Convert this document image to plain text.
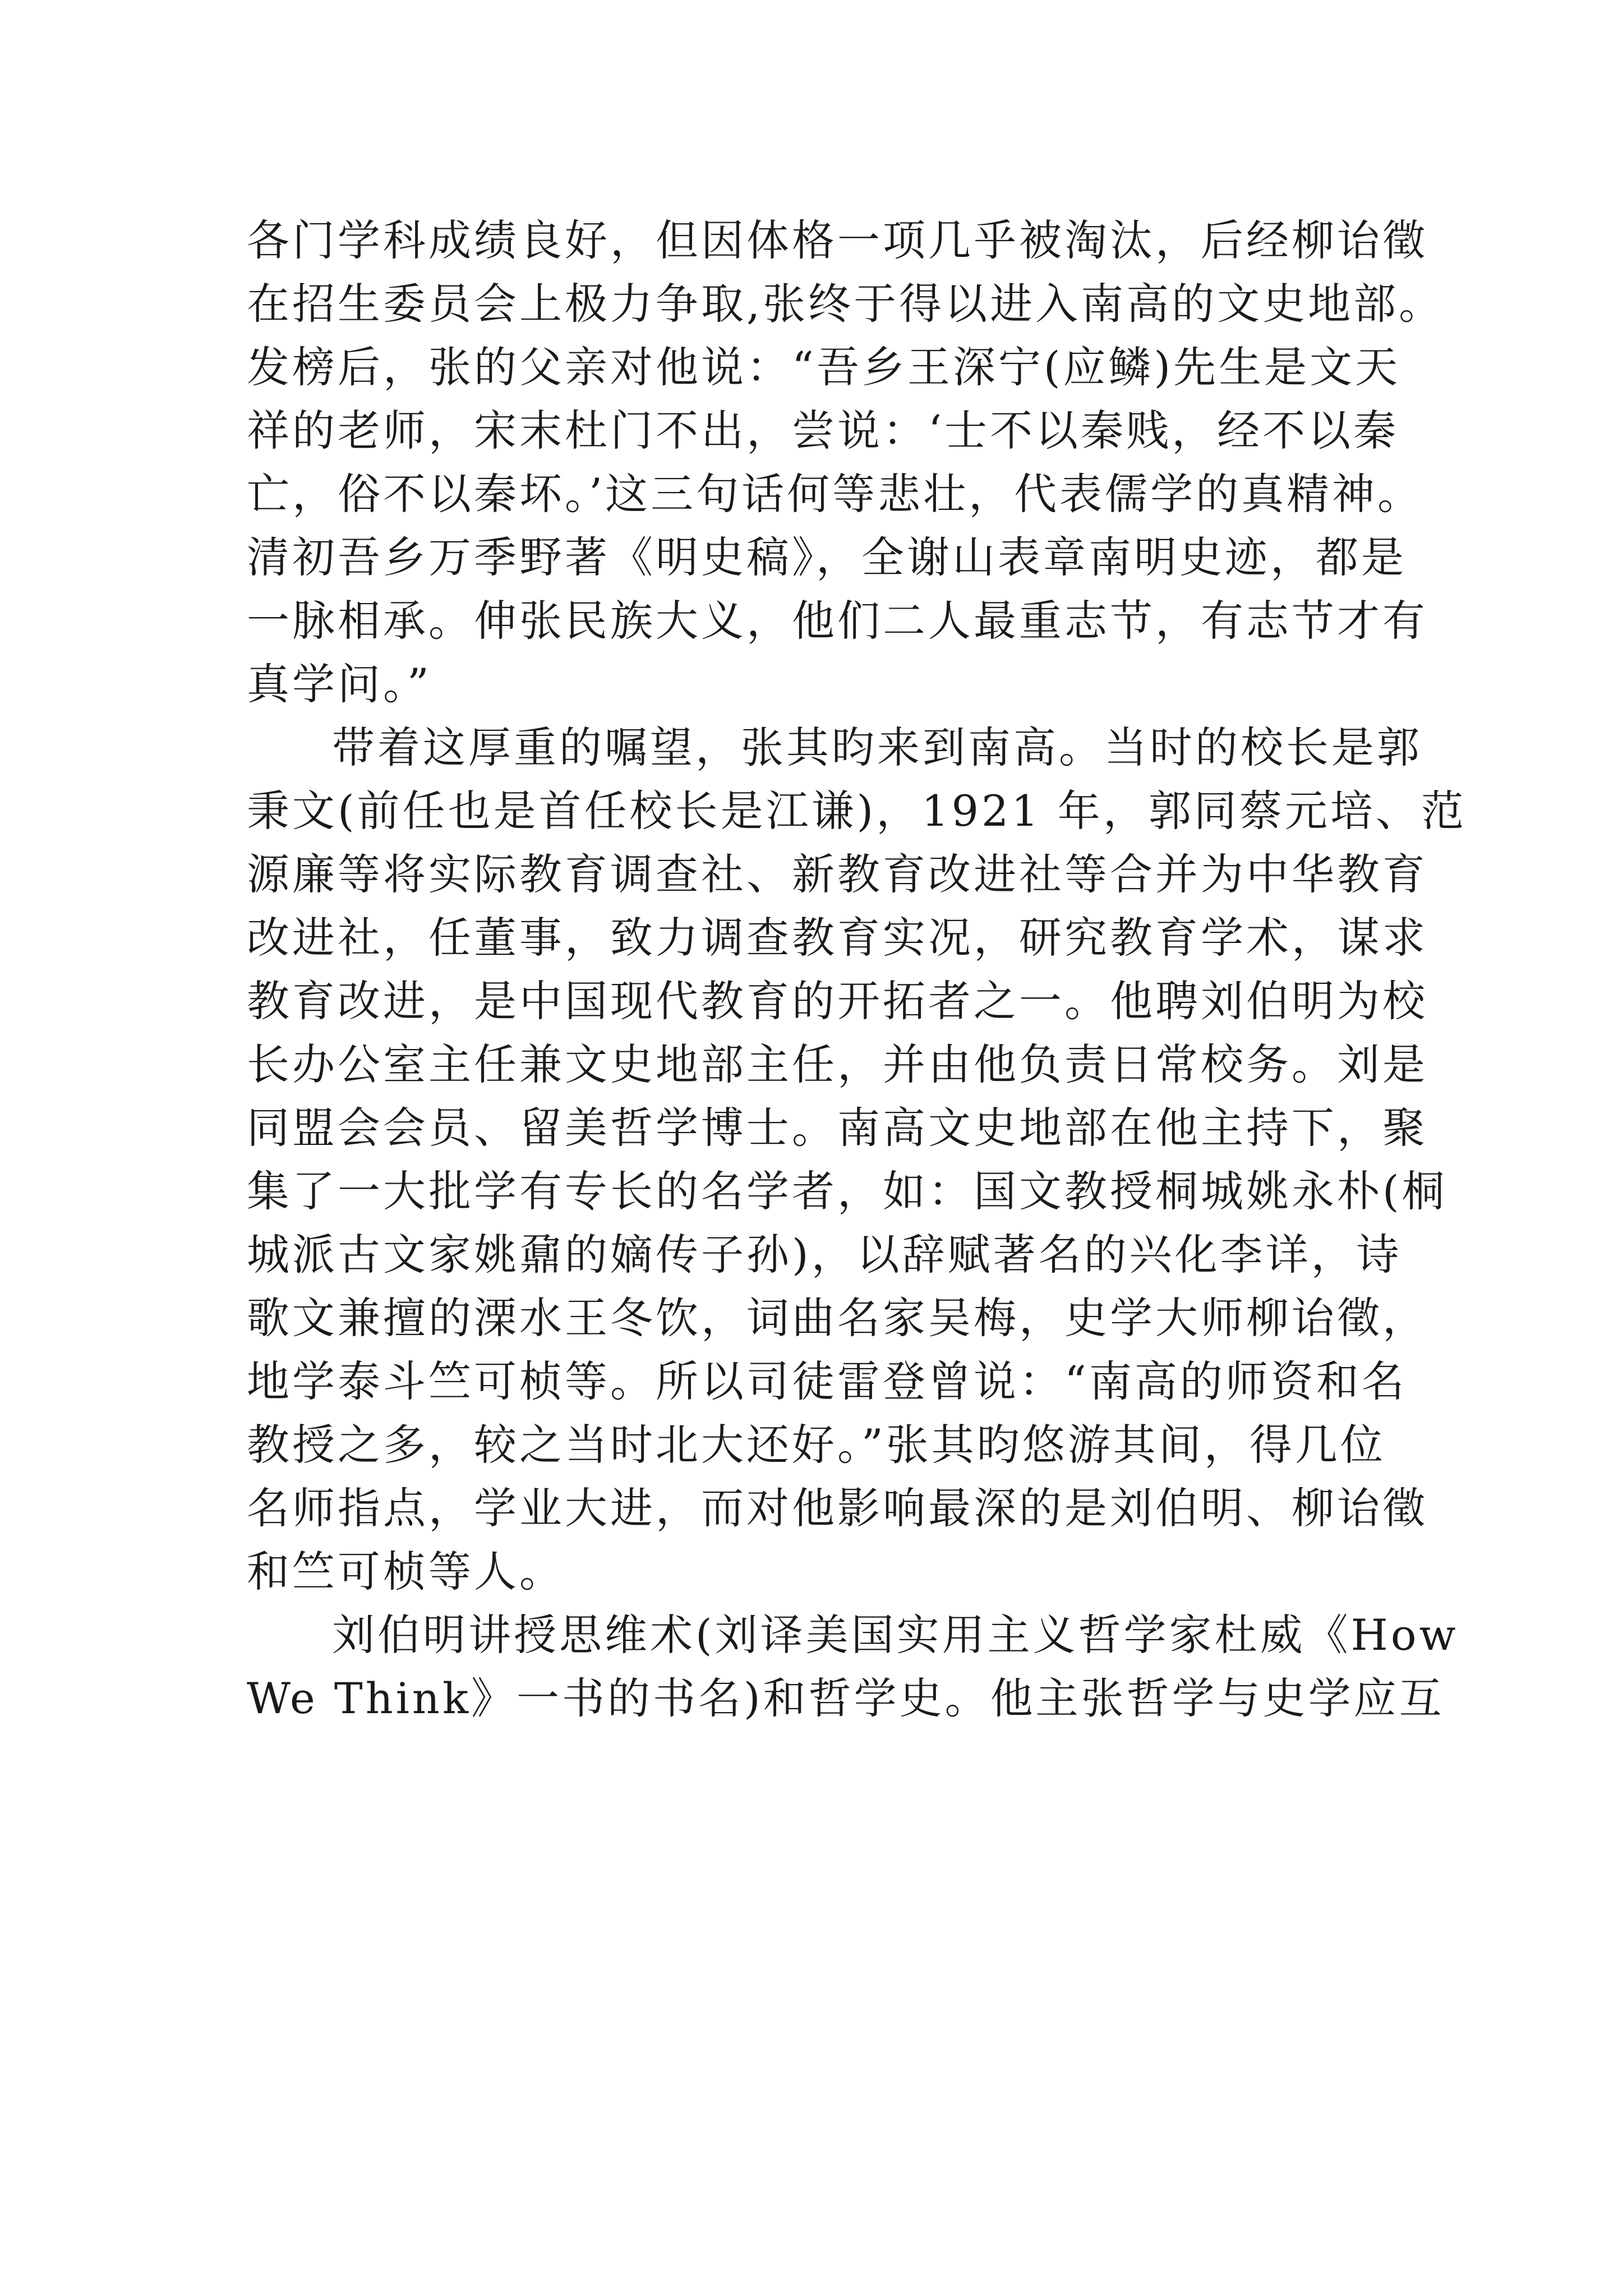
各门学科成绩良好，但因体格一项几乎被淘汰，后经柳诒徵
在招生委员会上极力争取,张终于得以进入南高的文史地部。
发榜后，张的父亲对他说：“吾乡王深宁(应鳞)先生是文天
祥的老师，宋末杜门不出，尝说：‘士不以秦贱，经不以秦
亡，俗不以秦坏。’这三句话何等悲壮，代表儒学的真精神。
清初吾乡万季野著《明史稿》，全谢山表章南明史迹，都是
一脉相承。伸张民族大义，他们二人最重志节，有志节才有
真学问。”
带着这厚重的嘱望，张其昀来到南高。当时的校长是郭
秉文(前任也是首任校长是江谦)，1921 年，郭同蔡元培、范
源廉等将实际教育调查社、新教育改进社等合并为中华教育
改进社，任董事，致力调查教育实况，研究教育学术，谋求
教育改进，是中国现代教育的开拓者之一。他聘刘伯明为校
长办公室主任兼文史地部主任，并由他负责日常校务。刘是
同盟会会员、留美哲学博士。南高文史地部在他主持下，聚
集了一大批学有专长的名学者，如：国文教授桐城姚永朴(桐
城派古文家姚鼐的嫡传子孙)，以辞赋著名的兴化李详，诗
歌文兼擅的溧水王冬饮，词曲名家吴梅，史学大师柳诒徵，
地学泰斗竺可桢等。所以司徒雷登曾说：“南高的师资和名
教授之多，较之当时北大还好。”张其昀悠游其间，得几位
名师指点，学业大进，而对他影响最深的是刘伯明、柳诒徵
和竺可桢等人。
刘伯明讲授思维术(刘译美国实用主义哲学家杜威《How
We Think》一书的书名)和哲学史。他主张哲学与史学应互
